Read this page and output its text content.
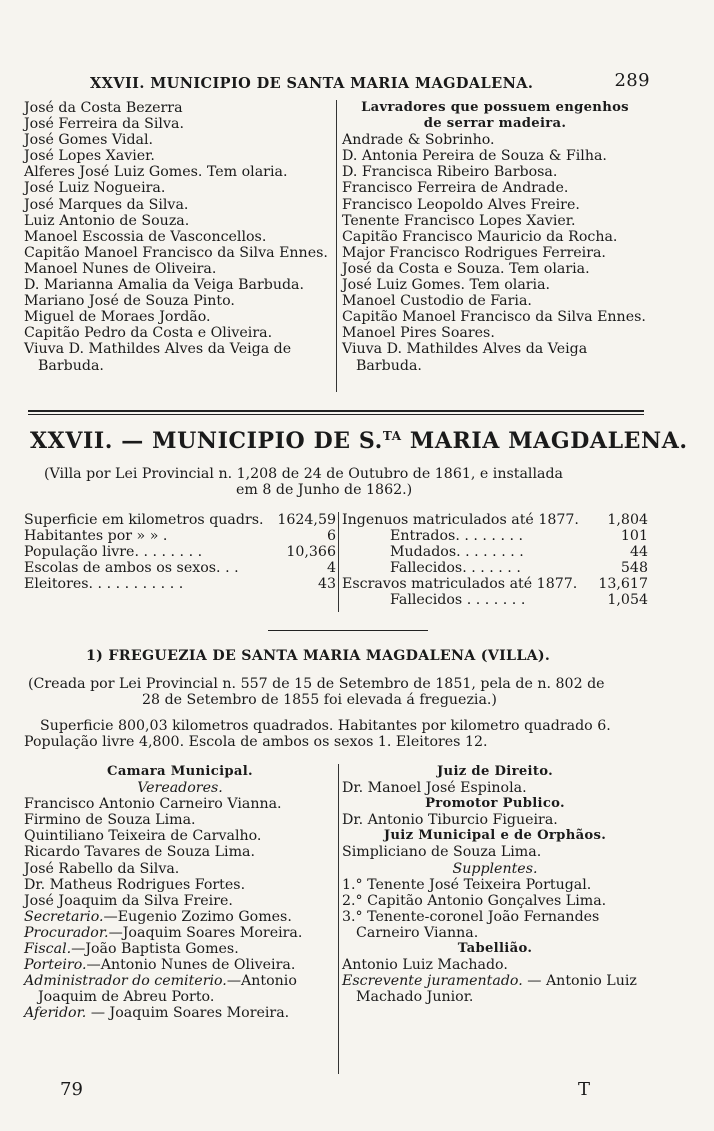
XXVII. MUNICIPIO DE SANTA MARIA MAGDALENA.	289
José da Costa Bezerra
José Ferreira da Silva.
José Gomes Vidal.
José Lopes Xavier.
Alferes José Luiz Gomes. Tem olaria.
José Luiz Nogueira.
José Marques da Silva.
Luiz Antonio de Souza.
Manoel Escossia de Vasconcellos.
Capitão Manoel Francisco da Silva Ennes.
Manoel Nunes de Oliveira.
D. Marianna Amalia da Veiga Barbuda.
Mariano José de Souza Pinto.
Miguel de Moraes Jordão.
Capitão Pedro da Costa e Oliveira.
Viuva D. Mathildes Alves da Veiga de Barbuda.
Lavradores que possuem engenhos de serrar madeira.
Andrade & Sobrinho.
D. Antonia Pereira de Souza & Filha.
D. Francisca Ribeiro Barbosa.
Francisco Ferreira de Andrade.
Francisco Leopoldo Alves Freire.
Tenente Francisco Lopes Xavier.
Capitão Francisco Mauricio da Rocha.
Major Francisco Rodrigues Ferreira.
José da Costa e Souza. Tem olaria.
José Luiz Gomes. Tem olaria.
Manoel Custodio de Faria.
Capitão Manoel Francisco da Silva Ennes.
Manoel Pires Soares.
Viuva D. Mathildes Alves da Veiga Barbuda.
XXVII. — MUNICIPIO DE S.$^{TA}$ MARIA MAGDALENA.
(Villa por Lei Provincial n. 1,208 de 24 de Outubro de 1861, e installada
em 8 de Junho de 1862.)
Superficie em kilometros quadrs. 1624,59
Habitantes por » » .	6
População livre. . . . . . . .	10,366
Escolas de ambos os sexos. . .	4
Eleitores. . . . . . . . . . .	43
Ingenuos matriculados até 1877. 1,804
Entrados. . . . . . . .	101
Mudados. . . . . . . .	44
Fallecidos. . . . . . .	548
Escravos matriculados até 1877. 13,617
Fallecidos . . . . . . .	1,054
1) FREGUEZIA DE SANTA MARIA MAGDALENA (VILLA).
(Creada por Lei Provincial n. 557 de 15 de Setembro de 1851, pela de n. 802 de
28 de Setembro de 1855 foi elevada á freguezia.)
Superficie 800,03 kilometros quadrados. Habitantes por kilometro quadrado 6.
População livre 4,800. Escola de ambos os sexos 1. Eleitores 12.
Camara Municipal.
Vereadores.
Francisco Antonio Carneiro Vianna.
Firmino de Souza Lima.
Quintiliano Teixeira de Carvalho.
Ricardo Tavares de Souza Lima.
José Rabello da Silva.
Dr. Matheus Rodrigues Fortes.
José Joaquim da Silva Freire.
Secretario.—Eugenio Zozimo Gomes.
Procurador.—Joaquim Soares Moreira.
Fiscal.—João Baptista Gomes.
Porteiro.—Antonio Nunes de Oliveira.
Administrador do cemiterio.—Antonio Joaquim de Abreu Porto.
Aferidor. — Joaquim Soares Moreira.
Juiz de Direito.
Dr. Manoel José Espinola.
Promotor Publico.
Dr. Antonio Tiburcio Figueira.
Juiz Municipal e de Orphãos.
Simpliciano de Souza Lima.
Supplentes.
1.° Tenente José Teixeira Portugal.
2.° Capitão Antonio Gonçalves Lima.
3.° Tenente-coronel João Fernandes Carneiro Vianna.
Tabellião.
Antonio Luiz Machado.
Escrevente juramentado. — Antonio Luiz Machado Junior.
79	T
